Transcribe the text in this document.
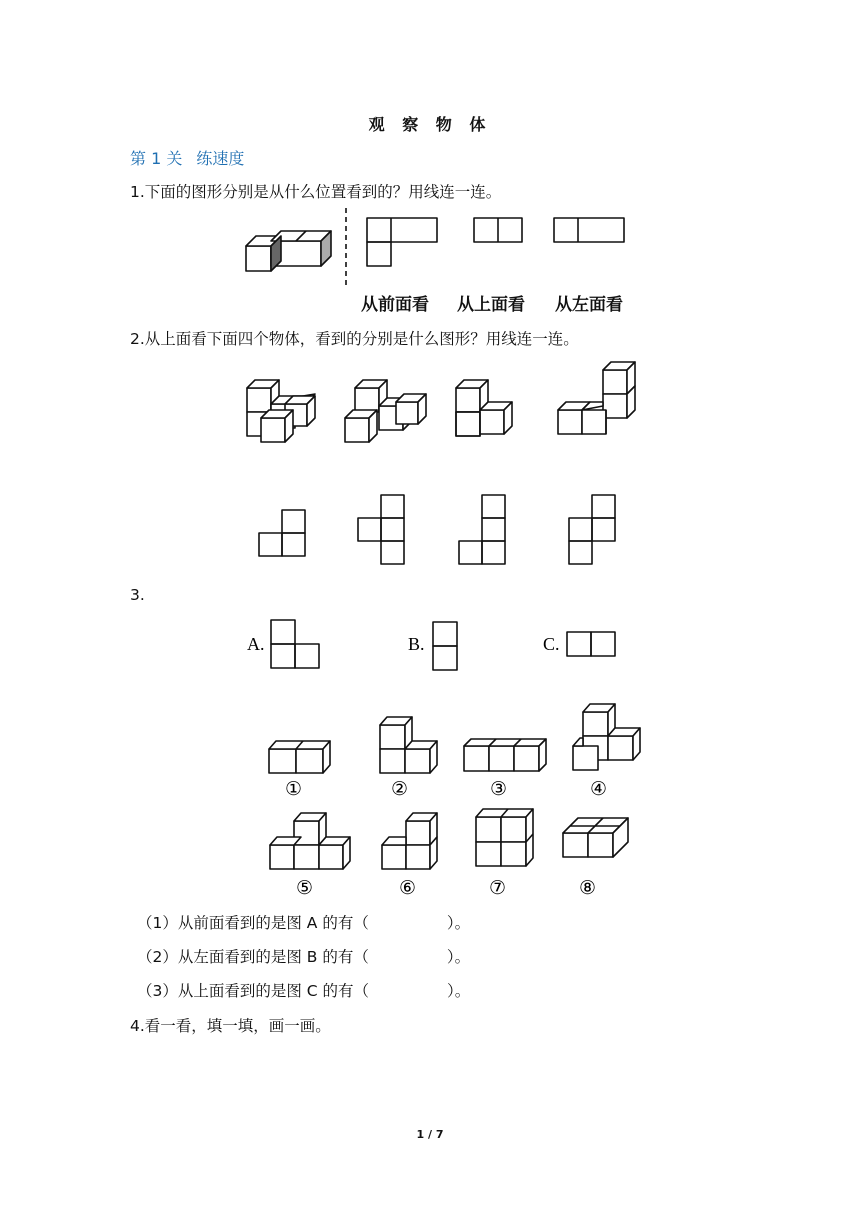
观 察 物 体
第 1 关 练速度
1.下面的图形分别是从什么位置看到的？用线连一连。
从前面看 从上面看 从左面看
2.从上面看下面四个物体，看到的分别是什么图形？用线连一连。
3.
（1）从前面看到的是图 A 的有（	）。
（2）从左面看到的是图 B 的有（	）。
（3）从上面看到的是图 C 的有（	）。
4.看一看，填一填，画一画。
1 / 7
A.	B.	C.
①	②	③	④
⑤	⑥	⑦	⑧
